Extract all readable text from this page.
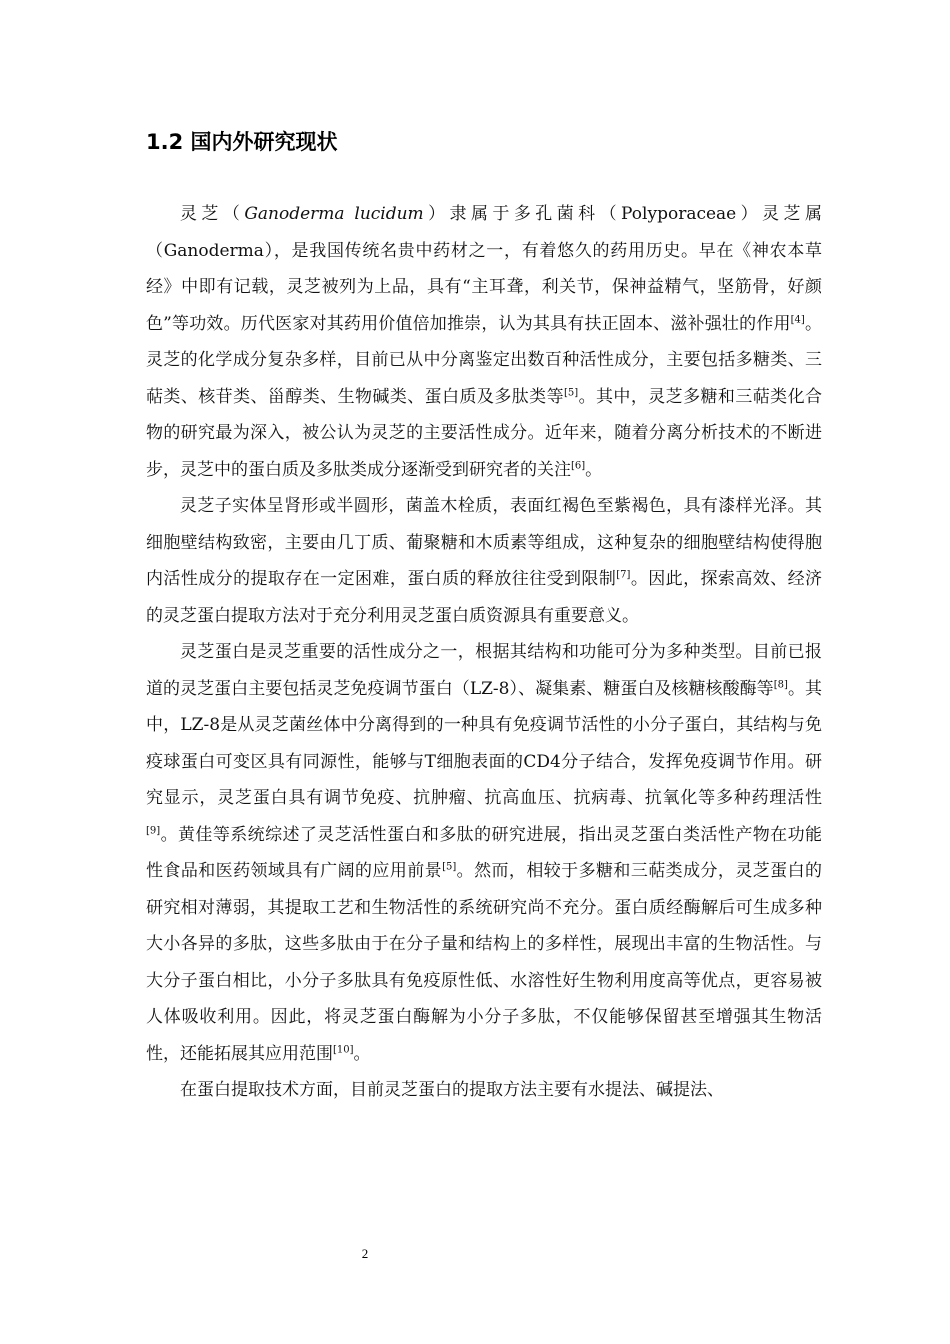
1.2 国内外研究现状

灵芝（Ganoderma lucidum）隶属于多孔菌科（Polyporaceae）灵芝属（Ganoderma），是我国传统名贵中药材之一，有着悠久的药用历史。早在《神农本草经》中即有记载，灵芝被列为上品，具有“主耳聋，利关节，保神益精气，坚筋骨，好颜色”等功效。历代医家对其药用价值倍加推崇，认为其具有扶正固本、滋补强壮的作用[4]。灵芝的化学成分复杂多样，目前已从中分离鉴定出数百种活性成分，主要包括多糖类、三萜类、核苷类、甾醇类、生物碱类、蛋白质及多肽类等[5]。其中，灵芝多糖和三萜类化合物的研究最为深入，被公认为灵芝的主要活性成分。近年来，随着分离分析技术的不断进步，灵芝中的蛋白质及多肽类成分逐渐受到研究者的关注[6]。

灵芝子实体呈肾形或半圆形，菌盖木栓质，表面红褐色至紫褐色，具有漆样光泽。其细胞壁结构致密，主要由几丁质、葡聚糖和木质素等组成，这种复杂的细胞壁结构使得胞内活性成分的提取存在一定困难，蛋白质的释放往往受到限制[7]。因此，探索高效、经济的灵芝蛋白提取方法对于充分利用灵芝蛋白质资源具有重要意义。

灵芝蛋白是灵芝重要的活性成分之一，根据其结构和功能可分为多种类型。目前已报道的灵芝蛋白主要包括灵芝免疫调节蛋白（LZ-8）、凝集素、糖蛋白及核糖核酸酶等[8]。其中，LZ-8是从灵芝菌丝体中分离得到的一种具有免疫调节活性的小分子蛋白，其结构与免疫球蛋白可变区具有同源性，能够与T细胞表面的CD4分子结合，发挥免疫调节作用。研究显示，灵芝蛋白具有调节免疫、抗肿瘤、抗高血压、抗病毒、抗氧化等多种药理活性[9]。黄佳等系统综述了灵芝活性蛋白和多肽的研究进展，指出灵芝蛋白类活性产物在功能性食品和医药领域具有广阔的应用前景[5]。然而，相较于多糖和三萜类成分，灵芝蛋白的研究相对薄弱，其提取工艺和生物活性的系统研究尚不充分。蛋白质经酶解后可生成多种大小各异的多肽，这些多肽由于在分子量和结构上的多样性，展现出丰富的生物活性。与大分子蛋白相比，小分子多肽具有免疫原性低、水溶性好生物利用度高等优点，更容易被人体吸收利用。因此，将灵芝蛋白酶解为小分子多肽，不仅能够保留甚至增强其生物活性，还能拓展其应用范围[10]。

在蛋白提取技术方面，目前灵芝蛋白的提取方法主要有水提法、碱提法、

2
